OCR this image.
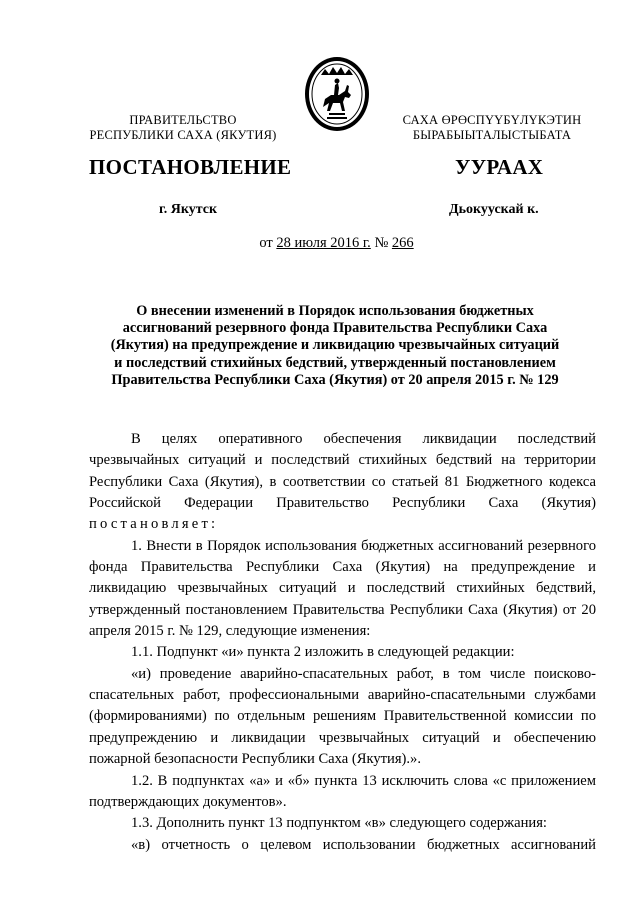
ПРАВИТЕЛЬСТВО
РЕСПУБЛИКИ САХА (ЯКУТИЯ)
САХА ӨРӨСПҮҮБҮЛҮКЭТИН
БЫРАБЫЫТАЛЫСТЫБАТА
ПОСТАНОВЛЕНИЕ	УУРААХ
г. Якутск	Дьокуускай к.
от 28 июля 2016 г. № 266
О внесении изменений в Порядок использования бюджетных
ассигнований резервного фонда Правительства Республики Саха
(Якутия) на предупреждение и ликвидацию чрезвычайных ситуаций
и последствий стихийных бедствий, утвержденный постановлением
Правительства Республики Саха (Якутия) от 20 апреля 2015 г. № 129

В целях оперативного обеспечения ликвидации последствий чрезвычайных ситуаций и последствий стихийных бедствий на территории Республики Саха (Якутия), в соответствии со статьей 81 Бюджетного кодекса Российской Федерации Правительство Республики Саха (Якутия) постановляет:

1. Внести в Порядок использования бюджетных ассигнований резервного фонда Правительства Республики Саха (Якутия) на предупреждение и ликвидацию чрезвычайных ситуаций и последствий стихийных бедствий, утвержденный постановлением Правительства Республики Саха (Якутия) от 20 апреля 2015 г. № 129, следующие изменения:

1.1. Подпункт «и» пункта 2 изложить в следующей редакции:

«и) проведение аварийно-спасательных работ, в том числе поисково-спасательных работ, профессиональными аварийно-спасательными службами (формированиями) по отдельным решениям Правительственной комиссии по предупреждению и ликвидации чрезвычайных ситуаций и обеспечению пожарной безопасности Республики Саха (Якутия).».

1.2. В подпунктах «а» и «б» пункта 13 исключить слова «с приложением подтверждающих документов».

1.3. Дополнить пункт 13 подпунктом «в» следующего содержания:

«в) отчетность о целевом использовании бюджетных ассигнований
